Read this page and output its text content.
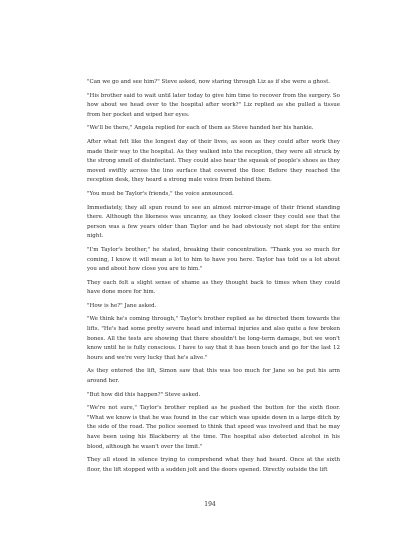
"Can we go and see him?" Steve asked, now staring through Liz as if she were a ghost.

"His brother said to wait until later today to give him time to recover from the surgery. So how about we head over to the hospital after work?" Liz replied as she pulled a tissue from her pocket and wiped her eyes.

"We'll be there," Angela replied for each of them as Steve handed her his hankie.

After what felt like the longest day of their lives, as soon as they could after work they made their way to the hospital. As they walked into the reception, they were all struck by the strong smell of disinfectant. They could also hear the squeak of people's shoes as they moved swiftly across the lino surface that covered the floor. Before they reached the reception desk, they heard a strong male voice from behind them.

"You must be Taylor's friends," the voice announced.

Immediately, they all spun round to see an almost mirror-image of their friend standing there. Although the likeness was uncanny, as they looked closer they could see that the person was a few years older than Taylor and he had obviously not slept for the entire night.

"I'm Taylor's brother," he stated, breaking their concentration. "Thank you so much for coming, I know it will mean a lot to him to have you here. Taylor has told us a lot about you and about how close you are to him."

They each felt a slight sense of shame as they thought back to times when they could have done more for him.

"How is he?" Jane asked.

"We think he's coming through," Taylor's brother replied as he directed them towards the lifts. "He's had some pretty severe head and internal injuries and also quite a few broken bones. All the tests are showing that there shouldn't be long-term damage, but we won't know until he is fully conscious. I have to say that it has been touch and go for the last 12 hours and we're very lucky that he's alive."

As they entered the lift, Simon saw that this was too much for Jane so he put his arm around her.

"But how did this happen?" Steve asked.

"We're not sure," Taylor's brother replied as he pushed the button for the sixth floor. "What we know is that he was found in the car which was upside down in a large ditch by the side of the road. The police seemed to think that speed was involved and that he may have been using his Blackberry at the time. The hospital also detected alcohol in his blood, although he wasn't over the limit."

They all stood in silence trying to comprehend what they had heard. Once at the sixth floor, the lift stopped with a sudden jolt and the doors opened. Directly outside the lift

194
